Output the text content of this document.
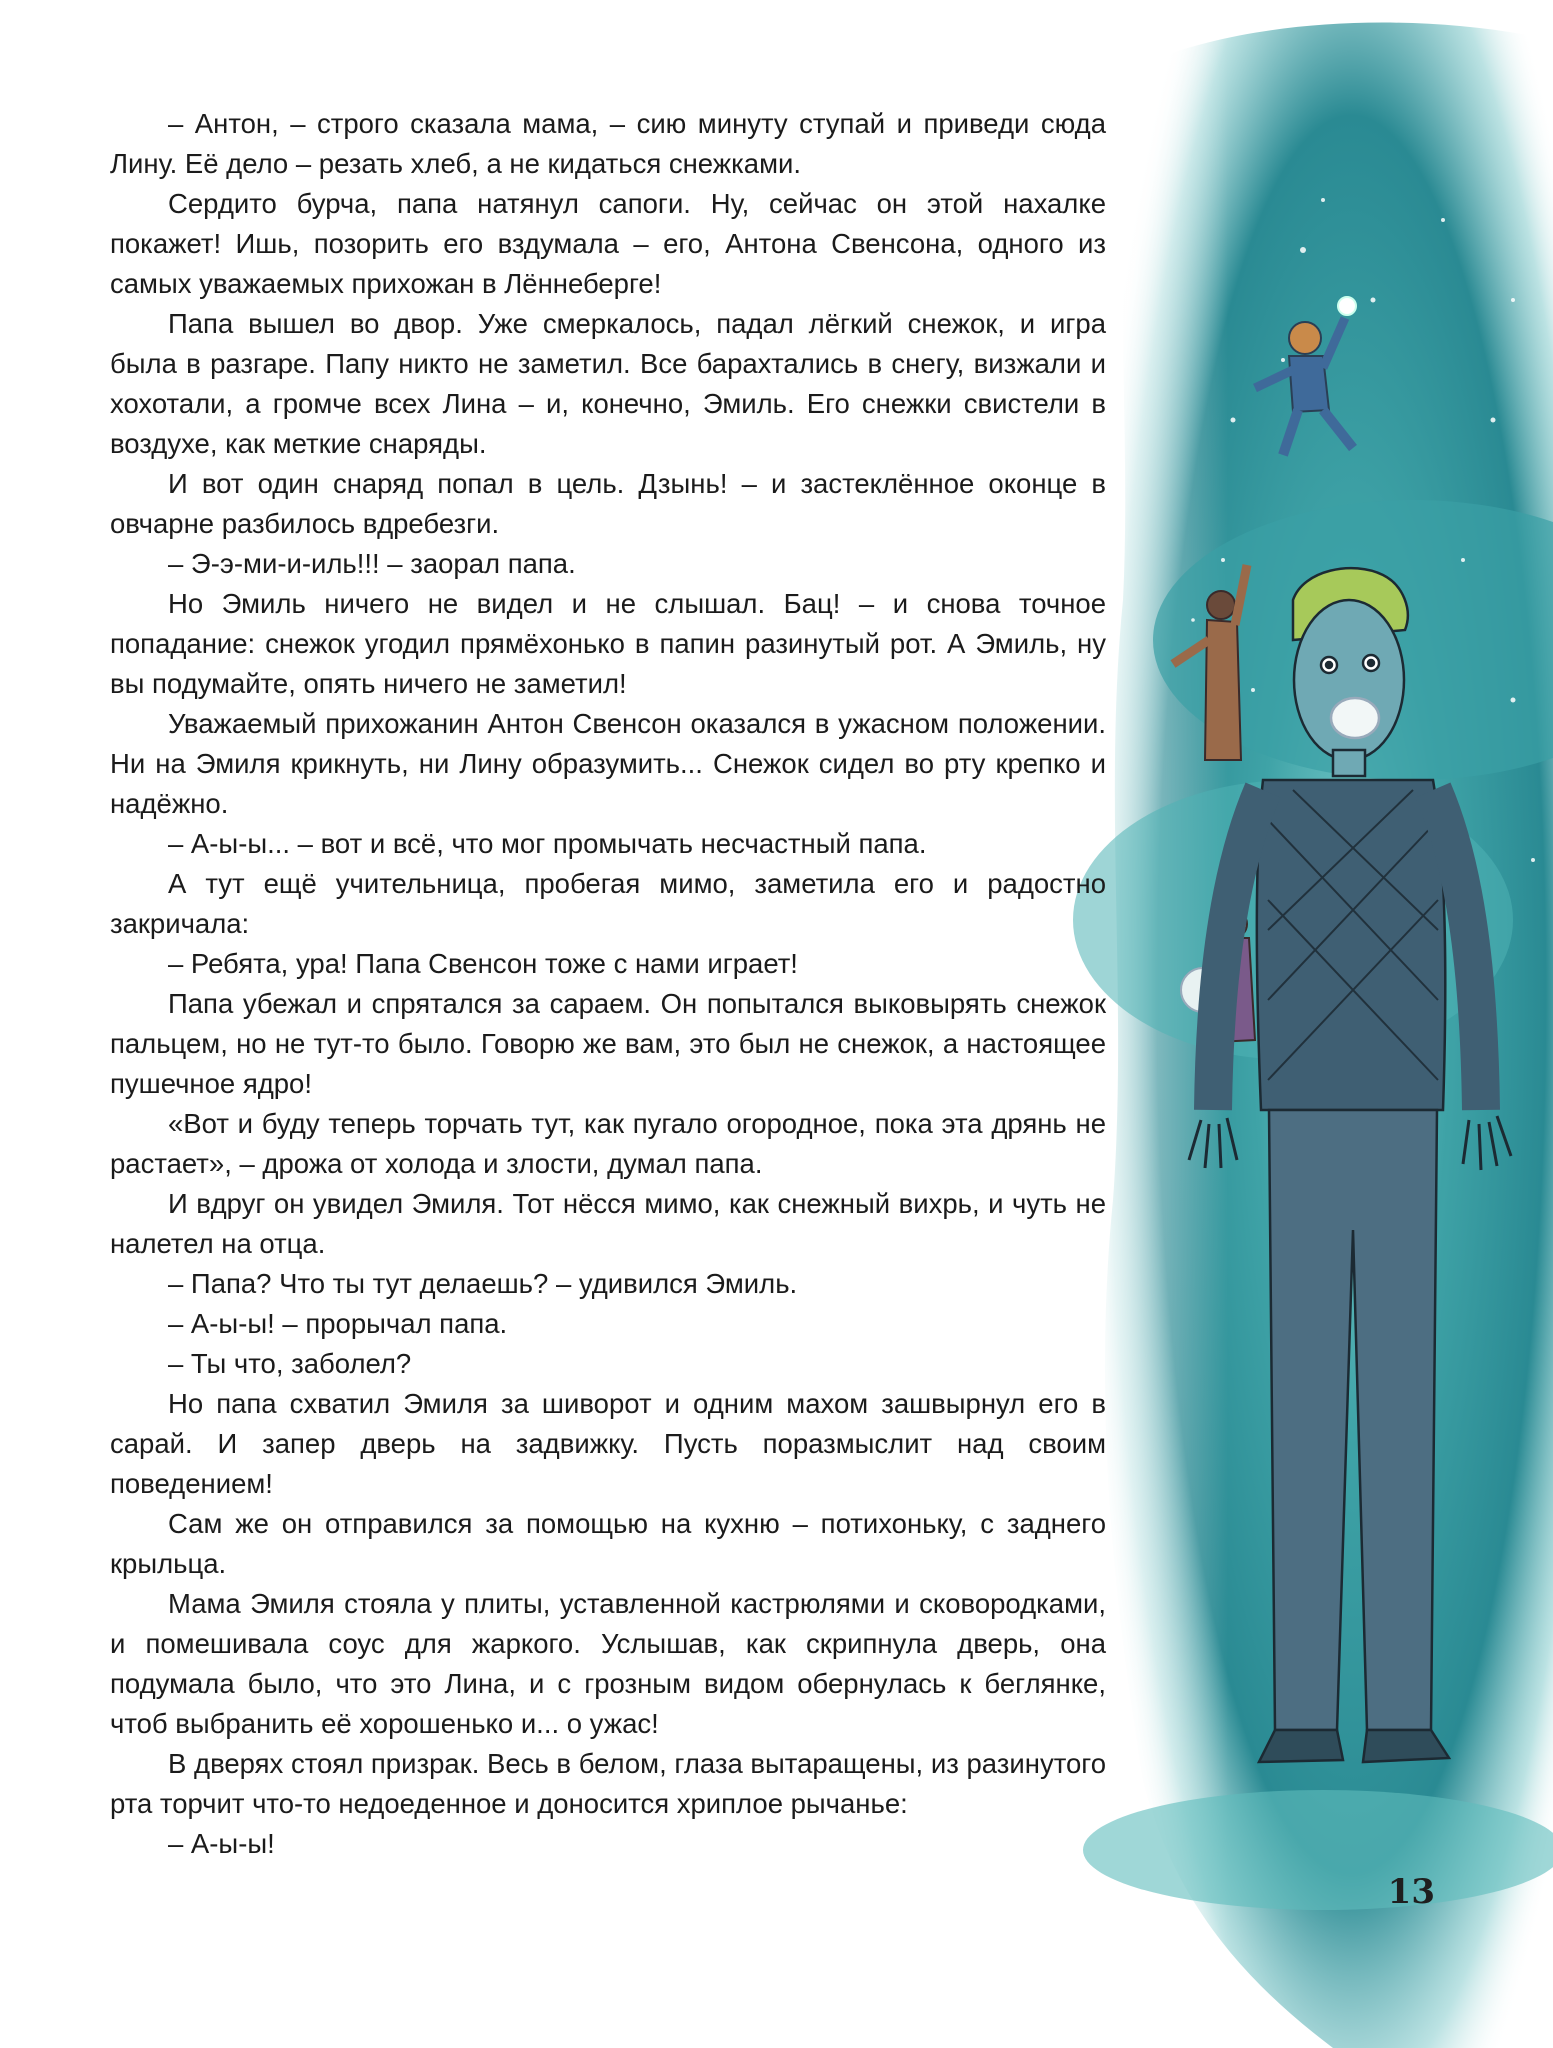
– Антон, – строго сказала мама, – сию минуту ступай и приведи сюда Лину. Её дело – резать хлеб, а не кидаться снежками.

Сердито бурча, папа натянул сапоги. Ну, сейчас он этой нахалке покажет! Ишь, позорить его вздумала – его, Антона Свенсона, одного из самых уважаемых прихожан в Лённеберге!

Папа вышел во двор. Уже смеркалось, падал лёгкий снежок, и игра была в разгаре. Папу никто не заметил. Все барахтались в снегу, визжали и хохотали, а громче всех Лина – и, конечно, Эмиль. Его снежки свистели в воздухе, как меткие снаряды.

И вот один снаряд попал в цель. Дзынь! – и застеклённое оконце в овчарне разбилось вдребезги.

– Э-э-ми-и-иль!!! – заорал папа.

Но Эмиль ничего не видел и не слышал. Бац! – и снова точное попадание: снежок угодил прямёхонько в папин разинутый рот. А Эмиль, ну вы подумайте, опять ничего не заметил!

Уважаемый прихожанин Антон Свенсон оказался в ужасном положении. Ни на Эмиля крикнуть, ни Лину образумить... Снежок сидел во рту крепко и надёжно.

– А-ы-ы... – вот и всё, что мог промычать несчастный папа.

А тут ещё учительница, пробегая мимо, заметила его и радостно закричала:

– Ребята, ура! Папа Свенсон тоже с нами играет!

Папа убежал и спрятался за сараем. Он попытался выковырять снежок пальцем, но не тут-то было. Говорю же вам, это был не снежок, а настоящее пушечное ядро!

«Вот и буду теперь торчать тут, как пугало огородное, пока эта дрянь не растает», – дрожа от холода и злости, думал папа.

И вдруг он увидел Эмиля. Тот нёсся мимо, как снежный вихрь, и чуть не налетел на отца.

– Папа? Что ты тут делаешь? – удивился Эмиль.

– А-ы-ы! – прорычал папа.

– Ты что, заболел?

Но папа схватил Эмиля за шиворот и одним махом зашвырнул его в сарай. И запер дверь на задвижку. Пусть поразмыслит над своим поведением!

Сам же он отправился за помощью на кухню – потихоньку, с заднего крыльца.

Мама Эмиля стояла у плиты, уставленной кастрюлями и сковородками, и помешивала соус для жаркого. Услышав, как скрипнула дверь, она подумала было, что это Лина, и с грозным видом обернулась к беглянке, чтоб выбранить её хорошенько и... о ужас!

В дверях стоял призрак. Весь в белом, глаза вытаращены, из разинутого рта торчит что-то недоеденное и доносится хриплое рычанье:

– А-ы-ы!

13
